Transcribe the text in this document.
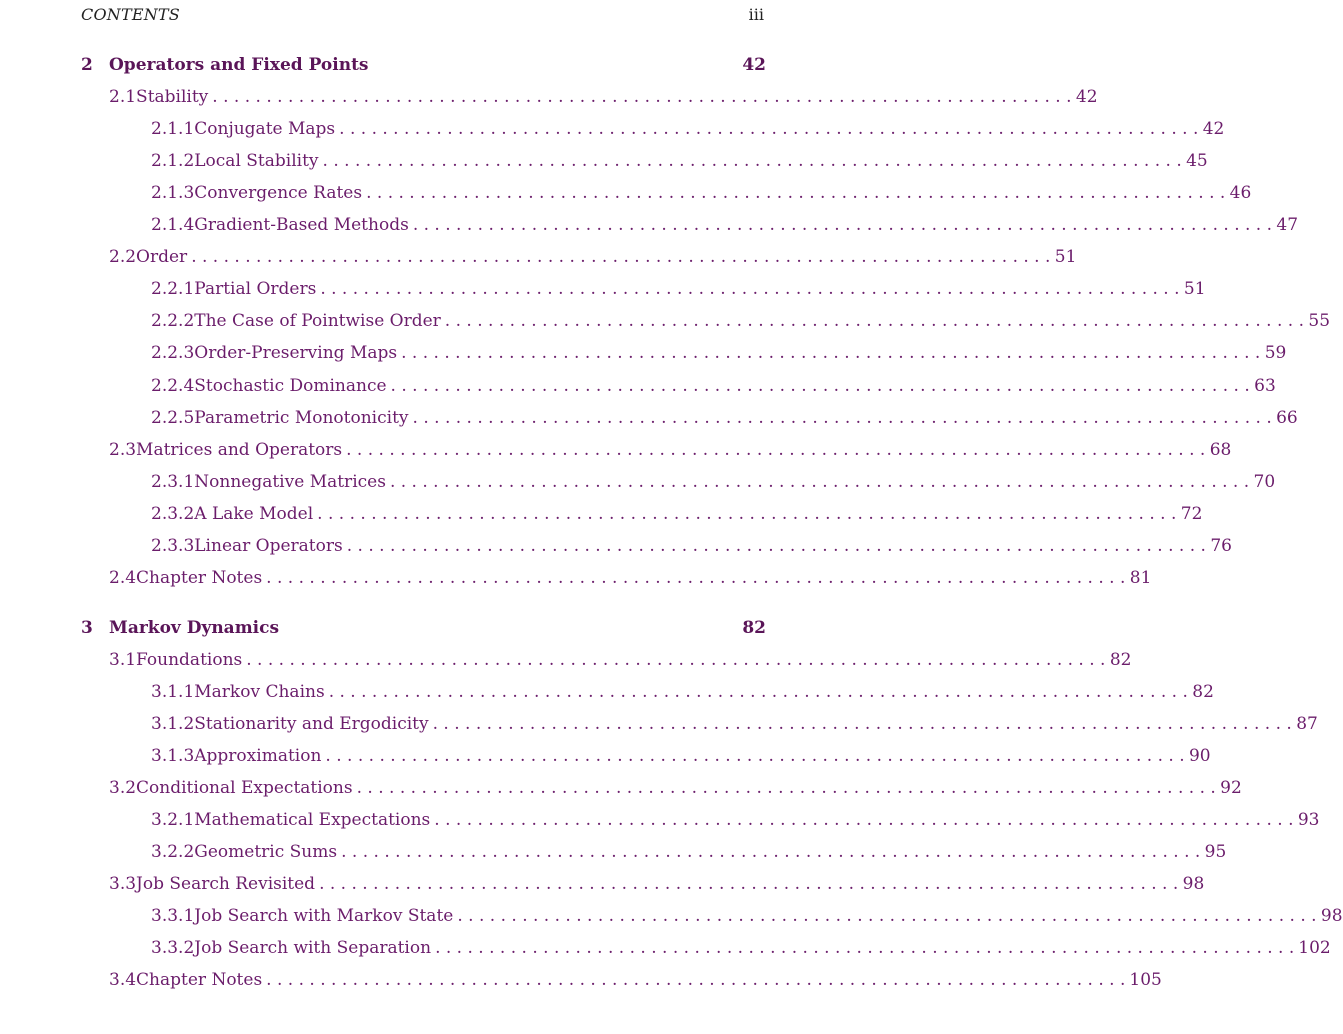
CONTENTS	iii
2 Operators and Fixed Points	42
2.1 Stability . . . . . . . . . . . . . . . . . . . . . . . . . . . . . . . . . . . . . . . . . . . . . . . . . . . . . . . . . . . . . . . . . . . . . . . . . . . . . . . . 42
2.1.1 Conjugate Maps . . . . . . . . . . . . . . . . . . . . . . . . . . . . . . . . . . . . . . . . . . . . . . . . . . . . . . . . . . . . . . . . . . . . . . . . . . . . . . . . 42
2.1.2 Local Stability . . . . . . . . . . . . . . . . . . . . . . . . . . . . . . . . . . . . . . . . . . . . . . . . . . . . . . . . . . . . . . . . . . . . . . . . . . . . . . . . 45
2.1.3 Convergence Rates . . . . . . . . . . . . . . . . . . . . . . . . . . . . . . . . . . . . . . . . . . . . . . . . . . . . . . . . . . . . . . . . . . . . . . . . . . . . . . . . 46
2.1.4 Gradient-Based Methods . . . . . . . . . . . . . . . . . . . . . . . . . . . . . . . . . . . . . . . . . . . . . . . . . . . . . . . . . . . . . . . . . . . . . . . . . . . . . . . . 47
2.2 Order . . . . . . . . . . . . . . . . . . . . . . . . . . . . . . . . . . . . . . . . . . . . . . . . . . . . . . . . . . . . . . . . . . . . . . . . . . . . . . . . 51
2.2.1 Partial Orders . . . . . . . . . . . . . . . . . . . . . . . . . . . . . . . . . . . . . . . . . . . . . . . . . . . . . . . . . . . . . . . . . . . . . . . . . . . . . . . . 51
2.2.2 The Case of Pointwise Order . . . . . . . . . . . . . . . . . . . . . . . . . . . . . . . . . . . . . . . . . . . . . . . . . . . . . . . . . . . . . . . . . . . . . . . . . . . . . . . . 55
2.2.3 Order-Preserving Maps . . . . . . . . . . . . . . . . . . . . . . . . . . . . . . . . . . . . . . . . . . . . . . . . . . . . . . . . . . . . . . . . . . . . . . . . . . . . . . . . 59
2.2.4 Stochastic Dominance . . . . . . . . . . . . . . . . . . . . . . . . . . . . . . . . . . . . . . . . . . . . . . . . . . . . . . . . . . . . . . . . . . . . . . . . . . . . . . . . 63
2.2.5 Parametric Monotonicity . . . . . . . . . . . . . . . . . . . . . . . . . . . . . . . . . . . . . . . . . . . . . . . . . . . . . . . . . . . . . . . . . . . . . . . . . . . . . . . . 66
2.3 Matrices and Operators . . . . . . . . . . . . . . . . . . . . . . . . . . . . . . . . . . . . . . . . . . . . . . . . . . . . . . . . . . . . . . . . . . . . . . . . . . . . . . . . 68
2.3.1 Nonnegative Matrices . . . . . . . . . . . . . . . . . . . . . . . . . . . . . . . . . . . . . . . . . . . . . . . . . . . . . . . . . . . . . . . . . . . . . . . . . . . . . . . . 70
2.3.2 A Lake Model . . . . . . . . . . . . . . . . . . . . . . . . . . . . . . . . . . . . . . . . . . . . . . . . . . . . . . . . . . . . . . . . . . . . . . . . . . . . . . . . 72
2.3.3 Linear Operators . . . . . . . . . . . . . . . . . . . . . . . . . . . . . . . . . . . . . . . . . . . . . . . . . . . . . . . . . . . . . . . . . . . . . . . . . . . . . . . . 76
2.4 Chapter Notes . . . . . . . . . . . . . . . . . . . . . . . . . . . . . . . . . . . . . . . . . . . . . . . . . . . . . . . . . . . . . . . . . . . . . . . . . . . . . . . . 81
3 Markov Dynamics	82
3.1 Foundations . . . . . . . . . . . . . . . . . . . . . . . . . . . . . . . . . . . . . . . . . . . . . . . . . . . . . . . . . . . . . . . . . . . . . . . . . . . . . . . . 82
3.1.1 Markov Chains . . . . . . . . . . . . . . . . . . . . . . . . . . . . . . . . . . . . . . . . . . . . . . . . . . . . . . . . . . . . . . . . . . . . . . . . . . . . . . . . 82
3.1.2 Stationarity and Ergodicity . . . . . . . . . . . . . . . . . . . . . . . . . . . . . . . . . . . . . . . . . . . . . . . . . . . . . . . . . . . . . . . . . . . . . . . . . . . . . . . . 87
3.1.3 Approximation . . . . . . . . . . . . . . . . . . . . . . . . . . . . . . . . . . . . . . . . . . . . . . . . . . . . . . . . . . . . . . . . . . . . . . . . . . . . . . . . 90
3.2 Conditional Expectations . . . . . . . . . . . . . . . . . . . . . . . . . . . . . . . . . . . . . . . . . . . . . . . . . . . . . . . . . . . . . . . . . . . . . . . . . . . . . . . . 92
3.2.1 Mathematical Expectations . . . . . . . . . . . . . . . . . . . . . . . . . . . . . . . . . . . . . . . . . . . . . . . . . . . . . . . . . . . . . . . . . . . . . . . . . . . . . . . . 93
3.2.2 Geometric Sums . . . . . . . . . . . . . . . . . . . . . . . . . . . . . . . . . . . . . . . . . . . . . . . . . . . . . . . . . . . . . . . . . . . . . . . . . . . . . . . . 95
3.3 Job Search Revisited . . . . . . . . . . . . . . . . . . . . . . . . . . . . . . . . . . . . . . . . . . . . . . . . . . . . . . . . . . . . . . . . . . . . . . . . . . . . . . . . 98
3.3.1 Job Search with Markov State . . . . . . . . . . . . . . . . . . . . . . . . . . . . . . . . . . . . . . . . . . . . . . . . . . . . . . . . . . . . . . . . . . . . . . . . . . . . . . . . 98
3.3.2 Job Search with Separation . . . . . . . . . . . . . . . . . . . . . . . . . . . . . . . . . . . . . . . . . . . . . . . . . . . . . . . . . . . . . . . . . . . . . . . . . . . . . . . . 102
3.4 Chapter Notes . . . . . . . . . . . . . . . . . . . . . . . . . . . . . . . . . . . . . . . . . . . . . . . . . . . . . . . . . . . . . . . . . . . . . . . . . . . . . . . . 105
